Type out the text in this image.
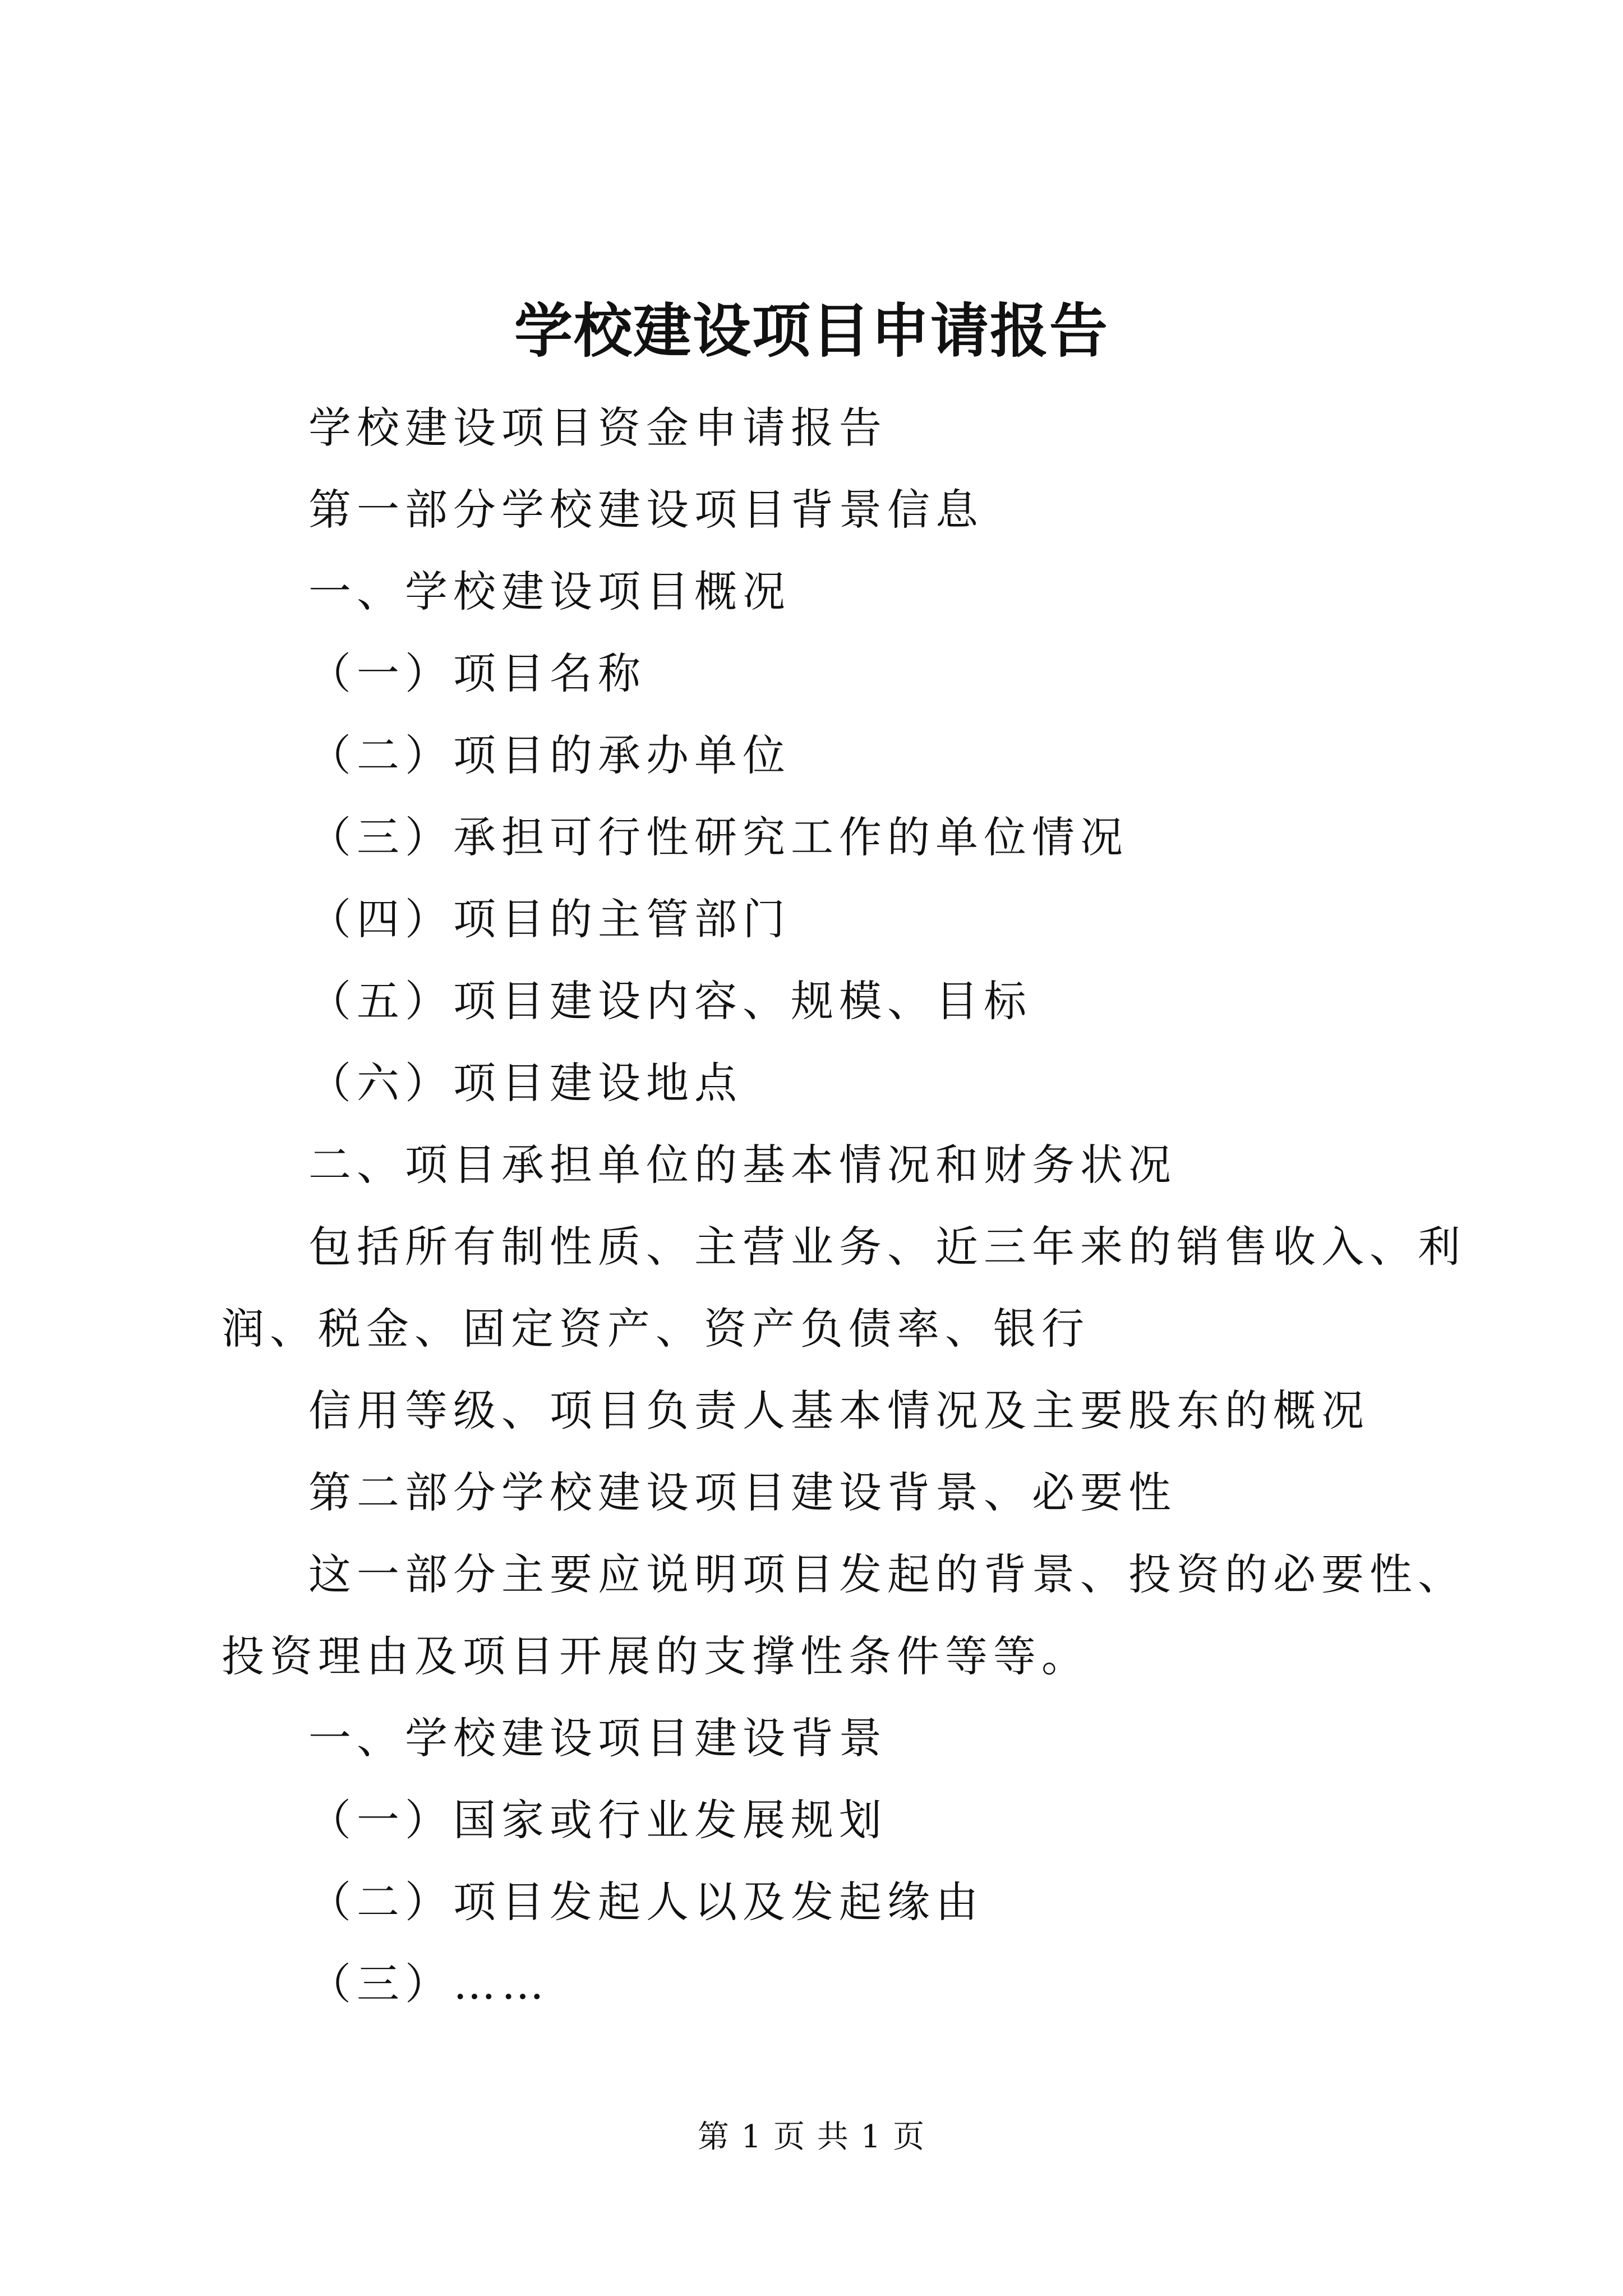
学校建设项目申请报告
学校建设项目资金申请报告
第一部分学校建设项目背景信息
一、学校建设项目概况
（一）项目名称
（二）项目的承办单位
（三）承担可行性研究工作的单位情况
（四）项目的主管部门
（五）项目建设内容、规模、目标
（六）项目建设地点
二、项目承担单位的基本情况和财务状况
包括所有制性质、主营业务、近三年来的销售收入、利润、税金、固定资产、资产负债率、银行
信用等级、项目负责人基本情况及主要股东的概况
第二部分学校建设项目建设背景、必要性
这一部分主要应说明项目发起的背景、投资的必要性、投资理由及项目开展的支撑性条件等等。
一、学校建设项目建设背景
（一）国家或行业发展规划
（二）项目发起人以及发起缘由
（三）……
第 1 页 共 1 页
